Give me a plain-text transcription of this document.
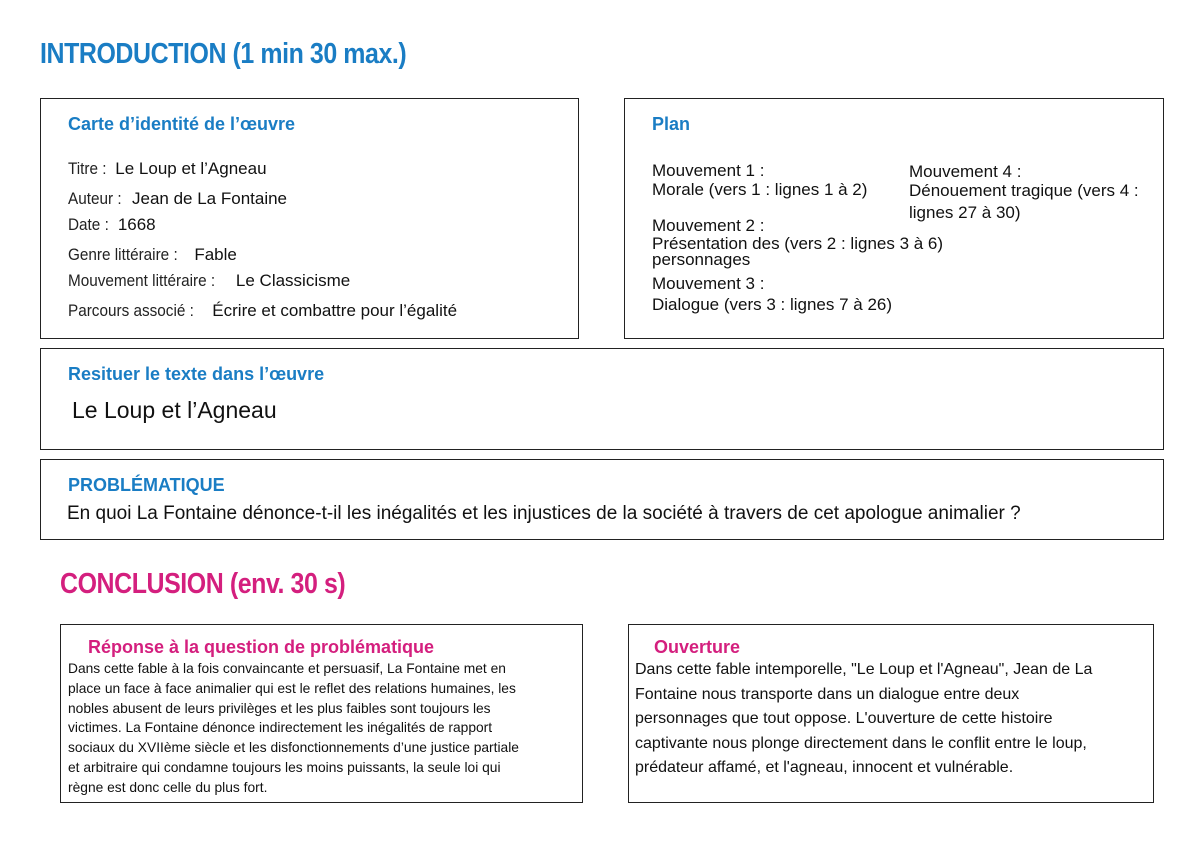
INTRODUCTION (1 min 30 max.)
Carte d’identité de l’œuvre
Titre : Le Loup et l’Agneau
Auteur : Jean de La Fontaine
Date : 1668
Genre littéraire : Fable
Mouvement littéraire : Le Classicisme
Parcours associé : Écrire et combattre pour l’égalité
Plan
Mouvement 1 :
Morale (vers 1 : lignes 1 à 2)
Mouvement 2 :
Présentation des (vers 2 : lignes 3 à 6)
personnages
Mouvement 3 :
Dialogue (vers 3 : lignes 7 à 26)
Mouvement 4 :
Dénouement tragique (vers 4 :
lignes 27 à 30)
Resituer le texte dans l’œuvre
Le Loup et l’Agneau
PROBLÉMATIQUE
En quoi La Fontaine dénonce-t-il les inégalités et les injustices de la société à travers de cet apologue animalier ?
CONCLUSION (env. 30 s)
Réponse à la question de problématique
Dans cette fable à la fois convaincante et persuasif, La Fontaine met en
place un face à face animalier qui est le reflet des relations humaines, les
nobles abusent de leurs privilèges et les plus faibles sont toujours les
victimes. La Fontaine dénonce indirectement les inégalités de rapport
sociaux du XVIIème siècle et les disfonctionnements d’une justice partiale
et arbitraire qui condamne toujours les moins puissants, la seule loi qui
règne est donc celle du plus fort.
Ouverture
Dans cette fable intemporelle, "Le Loup et l'Agneau", Jean de La
Fontaine nous transporte dans un dialogue entre deux
personnages que tout oppose. L'ouverture de cette histoire
captivante nous plonge directement dans le conflit entre le loup,
prédateur affamé, et l'agneau, innocent et vulnérable.
